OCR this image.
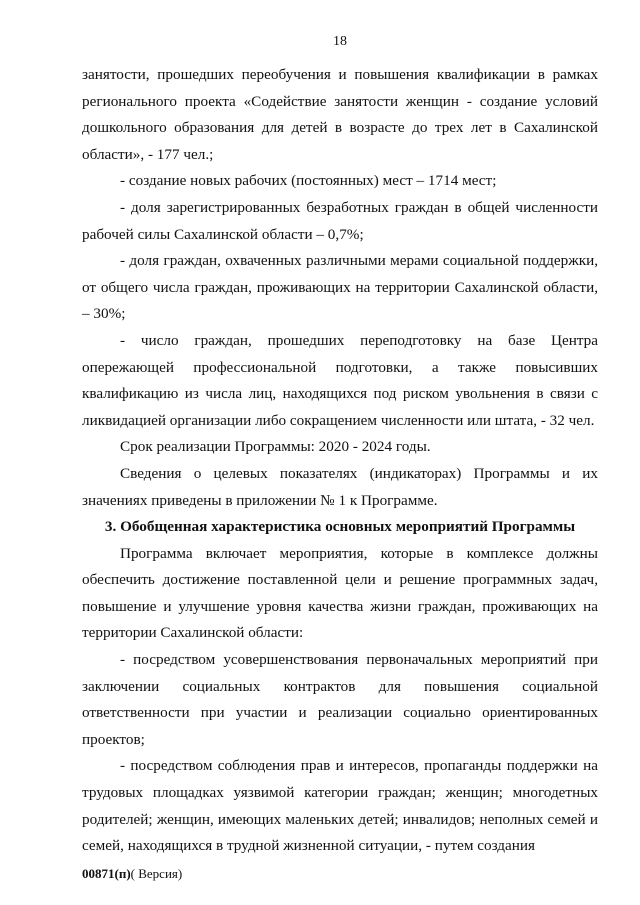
18

занятости, прошедших переобучения и повышения квалификации в рамках регионального проекта «Содействие занятости женщин - создание условий дошкольного образования для детей в возрасте до трех лет в Сахалинской области», - 177 чел.;

- создание новых рабочих (постоянных) мест – 1714 мест;

- доля зарегистрированных безработных граждан в общей численности рабочей силы Сахалинской области – 0,7%;

- доля граждан, охваченных различными мерами социальной поддержки, от общего числа граждан, проживающих на территории Сахалинской области, – 30%;

- число граждан, прошедших переподготовку на базе Центра опережающей профессиональной подготовки, а также повысивших квалификацию из числа лиц, находящихся под риском увольнения в связи с ликвидацией организации либо сокращением численности или штата, - 32 чел.

Срок реализации Программы: 2020 - 2024 годы.

Сведения о целевых показателях (индикаторах) Программы и их значениях приведены в приложении № 1 к Программе.

3. Обобщенная характеристика основных мероприятий Программы

Программа включает мероприятия, которые в комплексе должны обеспечить достижение поставленной цели и решение программных задач, повышение и улучшение уровня качества жизни граждан, проживающих на территории Сахалинской области:

- посредством усовершенствования первоначальных мероприятий при заключении социальных контрактов для повышения социальной ответственности при участии и реализации социально ориентированных проектов;

- посредством соблюдения прав и интересов, пропаганды поддержки на трудовых площадках уязвимой категории граждан; женщин; многодетных родителей; женщин, имеющих маленьких детей; инвалидов; неполных семей и семей, находящихся в трудной жизненной ситуации, - путем создания

00871(п)( Версия)
